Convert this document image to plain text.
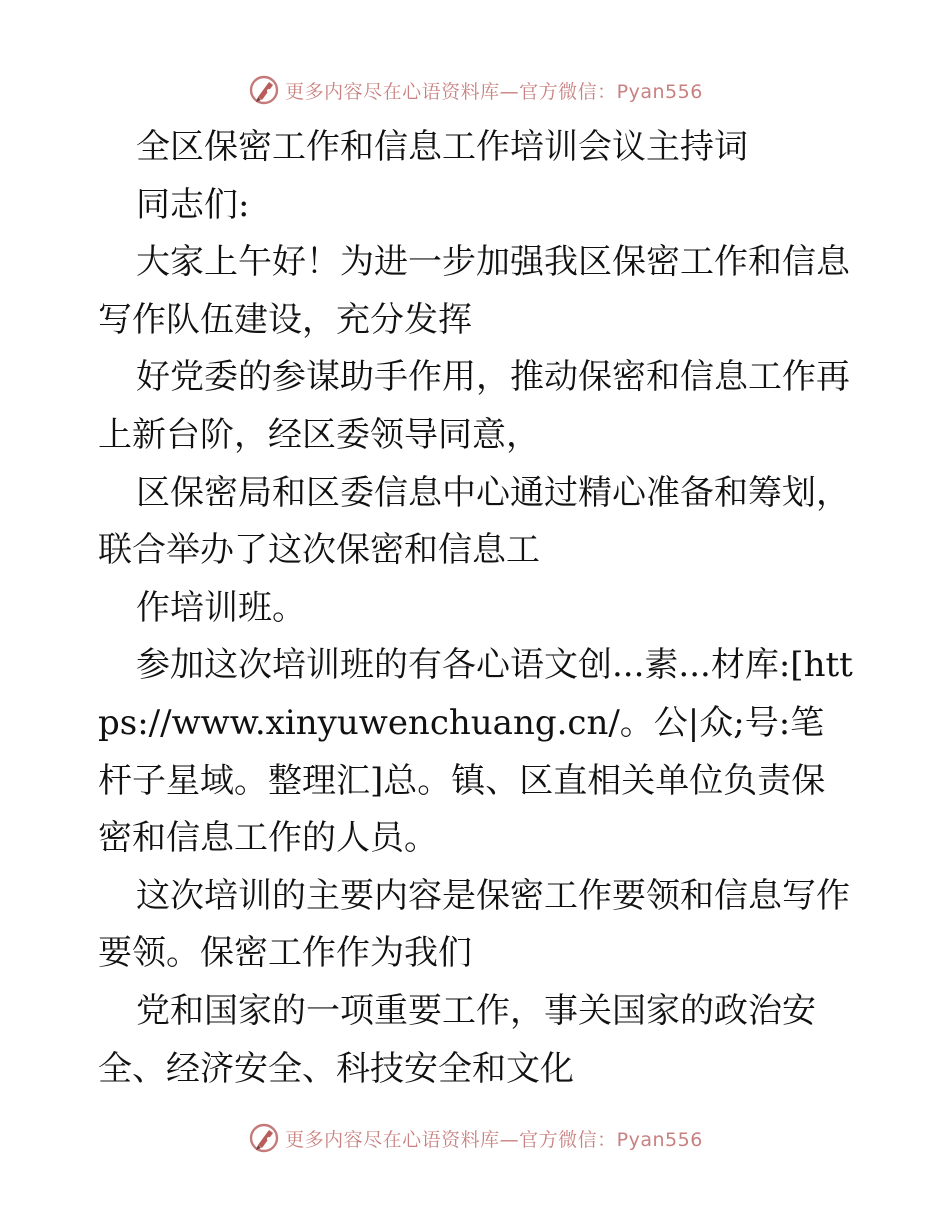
更多内容尽在心语资料库—官方微信：Pyan556

全区保密工作和信息工作培训会议主持词

同志们:

大家上午好！为进一步加强我区保密工作和信息写作队伍建设，充分发挥

好党委的参谋助手作用，推动保密和信息工作再上新台阶，经区委领导同意，

区保密局和区委信息中心通过精心准备和筹划，联合举办了这次保密和信息工

作培训班。

参加这次培训班的有各心语文创...素...材库:[https://www.xinyuwenchuang.cn/。公|众;号:笔杆子星域。整理汇]总。镇、区直相关单位负责保密和信息工作的人员。

这次培训的主要内容是保密工作要领和信息写作要领。保密工作作为我们

党和国家的一项重要工作，事关国家的政治安全、经济安全、科技安全和文化

更多内容尽在心语资料库—官方微信：Pyan556
